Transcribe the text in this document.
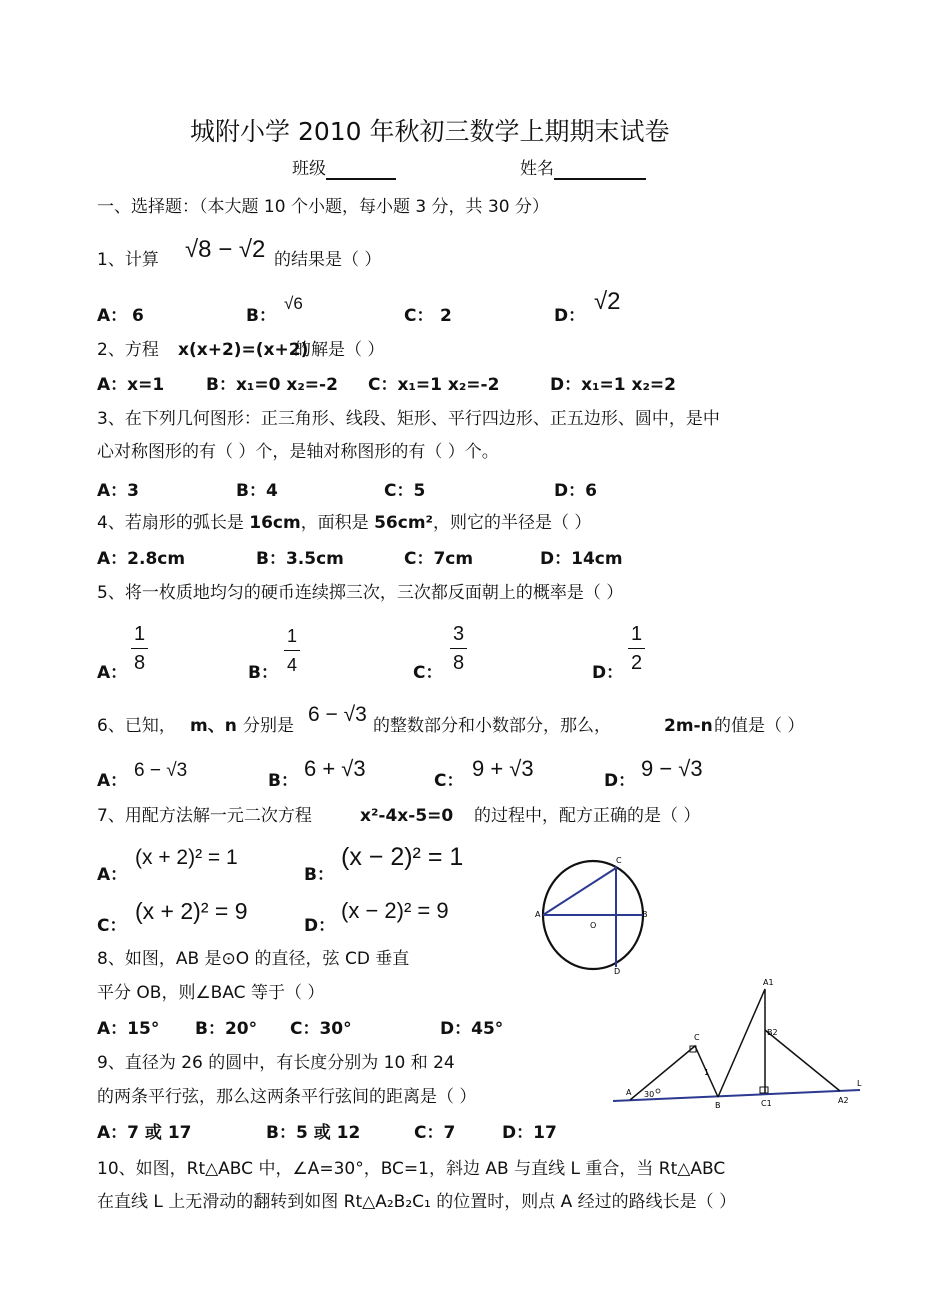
城附小学 2010 年秋初三数学上期期末试卷
班级	姓名
一、选择题：（本大题 10 个小题，每小题 3 分，共 30 分）
1、计算 √8 − √2 的结果是（ ）
A： 6	B：
√6
C： 2	D：
√2
2、方程 x(x+2)=(x+2)
的解是（ ）
A：x=1 B：x₁=0 x₂=-2 C：x₁=1 x₂=-2	D：x₁=1 x₂=2
3、在下列几何图形：正三角形、线段、矩形、平行四边形、正五边形、圆中，是中
心对称图形的有（ ）个，是轴对称图形的有（ ）个。
A：3	B：4	C：5	D：6
4、若扇形的弧长是 16cm，面积是 56cm²，则它的半径是（ ）
A：2.8cm	B：3.5cm	C：7cm	D：14cm
5、将一枚质地均匀的硬币连续掷三次，三次都反面朝上的概率是（ ）
A： $\frac{1}{8}$	B： $\frac{1}{4}$	C： $\frac{3}{8}$	D： $\frac{1}{2}$
6、已知， m、n 分别是 6 − √3 的整数部分和小数部分，那么，	2m-n 的值是（ ）
A： 6 − √3	B： 6 + √3	C： 9 + √3	D： 9 − √3
7、用配方法解一元二次方程	x²-4x-5=0 的过程中，配方正确的是（ ）
A：
(x + 2)² = 1
B：
(x − 2)² = 1
C：
(x + 2)² = 9
D：
(x − 2)² = 9
C
A	B
O
D
8、如图，AB 是⊙O 的直径，弦 CD 垂直
平分 OB，则∠BAC 等于（ ）
A：15° B：20° C：30°	D：45°
A1
B2
C
A 30
1
B	C1	A2
L
9、直径为 26 的圆中，有长度分别为 10 和 24
的两条平行弦，那么这两条平行弦间的距离是（ ）
A：7 或 17	B：5 或 12	C：7	D：17
10、如图，Rt△ABC 中，∠A=30°，BC=1，斜边 AB 与直线 L 重合，当 Rt△ABC
在直线 L 上无滑动的翻转到如图 Rt△A₂B₂C₁ 的位置时，则点 A 经过的路线长是（ ）
